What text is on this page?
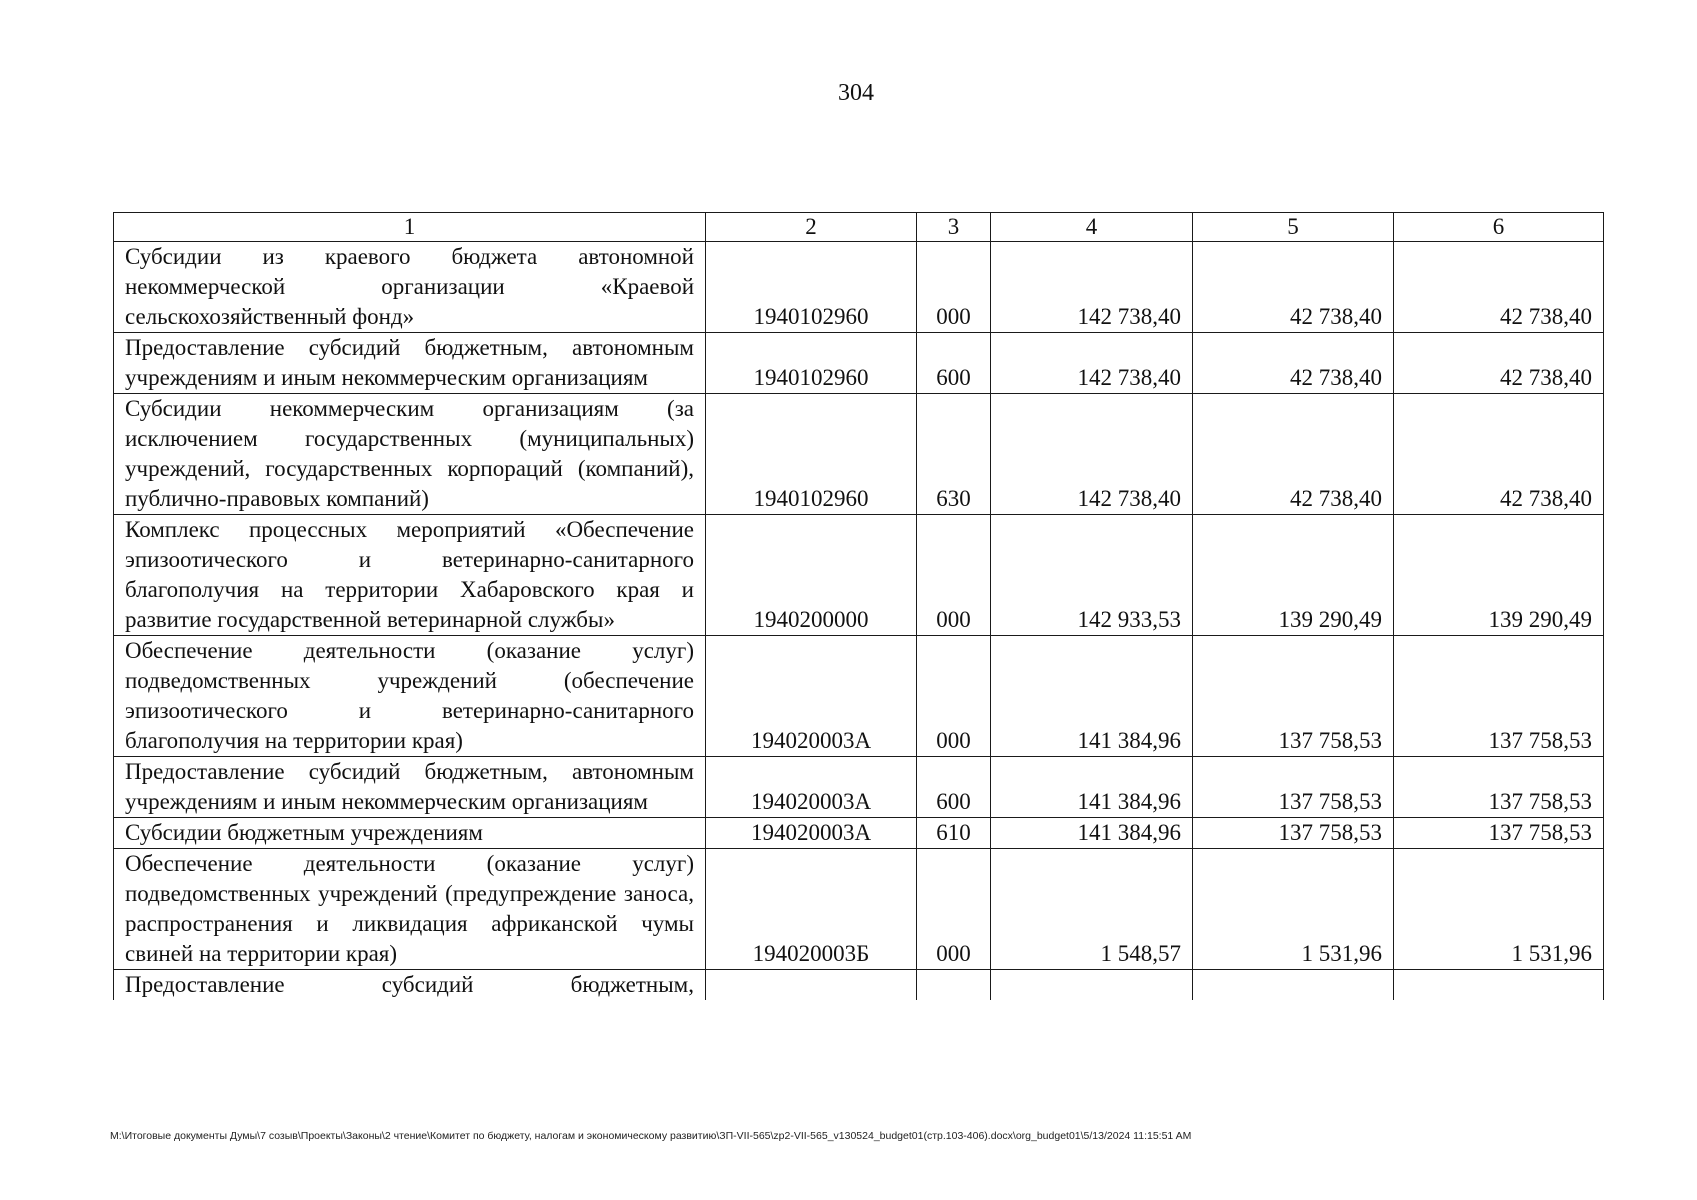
304
1	2	3	4	5	6
Субсидии из краевого бюджета автономной некоммерческой организации «Краевой сельскохозяйственный фонд»	1940102960	000	142 738,40	42 738,40	42 738,40
Предоставление субсидий бюджетным, автономным учреждениям и иным некоммерческим организациям	1940102960	600	142 738,40	42 738,40	42 738,40
Субсидии некоммерческим организациям (за исключением государственных (муниципальных) учреждений, государственных корпораций (компаний), публично-правовых компаний)	1940102960	630	142 738,40	42 738,40	42 738,40
Комплекс процессных мероприятий «Обеспечение эпизоотического и ветеринарно-санитарного благополучия на территории Хабаровского края и развитие государственной ветеринарной службы»	1940200000	000	142 933,53	139 290,49	139 290,49
Обеспечение деятельности (оказание услуг) подведомственных учреждений (обеспечение эпизоотического и ветеринарно-санитарного благополучия на территории края)	194020003А	000	141 384,96	137 758,53	137 758,53
Предоставление субсидий бюджетным, автономным учреждениям и иным некоммерческим организациям	194020003А	600	141 384,96	137 758,53	137 758,53
Субсидии бюджетным учреждениям	194020003А	610	141 384,96	137 758,53	137 758,53
Обеспечение деятельности (оказание услуг) подведомственных учреждений (предупреждение заноса, распространения и ликвидация африканской чумы свиней на территории края)	194020003Б	000	1 548,57	1 531,96	1 531,96
Предоставление субсидий бюджетным,					
M:\Итоговые документы Думы\7 созыв\Проекты\Законы\2 чтение\Комитет по бюджету, налогам и экономическому развитию\ЗП-VII-565\zp2-VII-565_v130524_budget01(стр.103-406).docx\org_budget01\5/13/2024 11:15:51 AM
